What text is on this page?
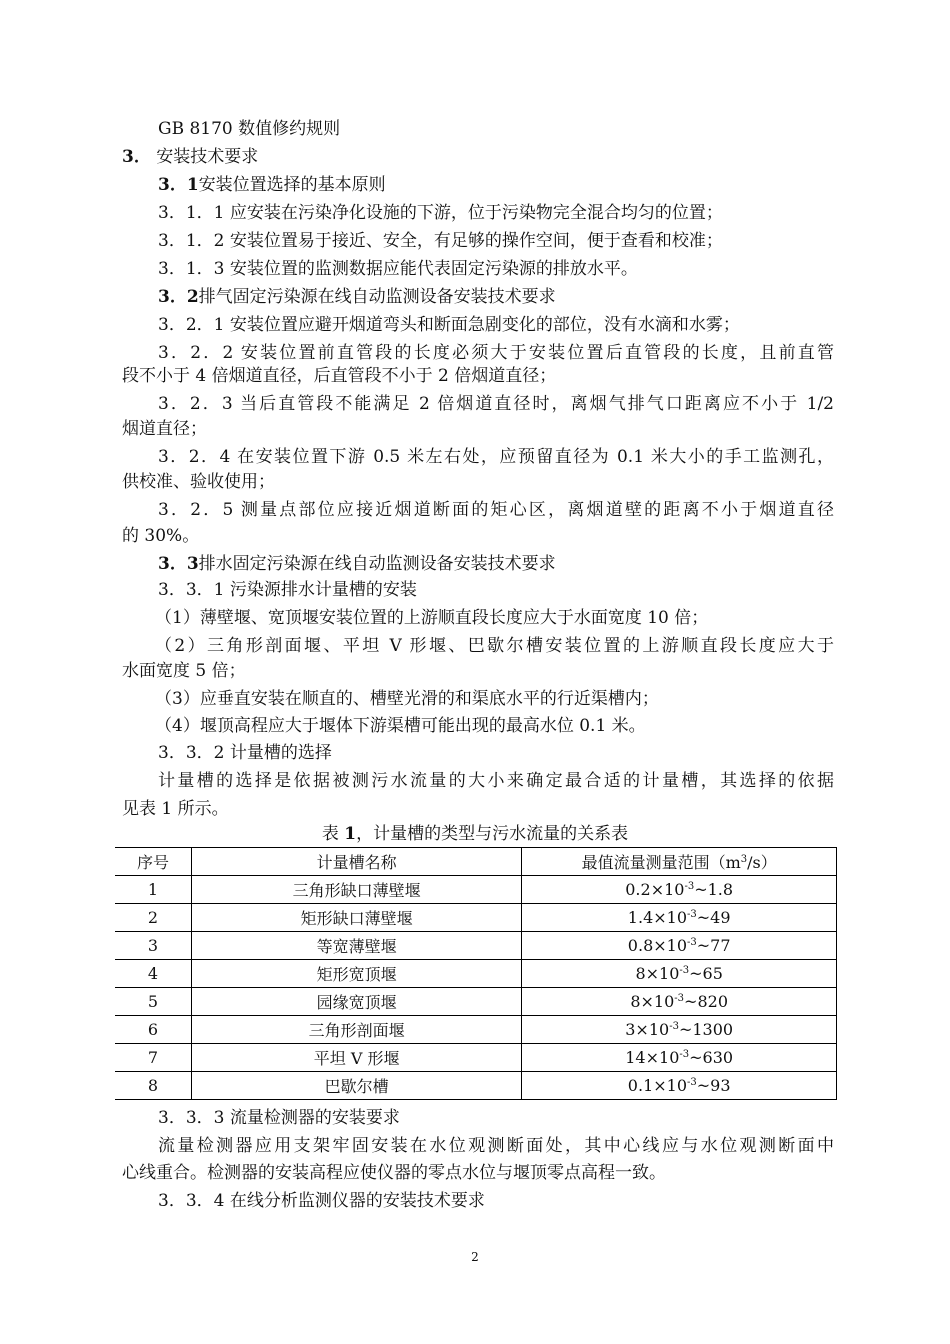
GB 8170 数值修约规则
3． 安装技术要求
3．1安装位置选择的基本原则
3．1．1 应安装在污染净化设施的下游，位于污染物完全混合均匀的位置；
3．1．2 安装位置易于接近、安全，有足够的操作空间，便于查看和校准；
3．1．3 安装位置的监测数据应能代表固定污染源的排放水平。
3．2排气固定污染源在线自动监测设备安装技术要求
3．2．1 安装位置应避开烟道弯头和断面急剧变化的部位，没有水滴和水雾；
3．2．2 安装位置前直管段的长度必须大于安装位置后直管段的长度，且前直管
段不小于 4 倍烟道直径，后直管段不小于 2 倍烟道直径；
3．2．3 当后直管段不能满足 2 倍烟道直径时，离烟气排气口距离应不小于 1/2
烟道直径；
3．2．4 在安装位置下游 0.5 米左右处，应预留直径为 0.1 米大小的手工监测孔，
供校准、验收使用；
3．2．5 测量点部位应接近烟道断面的矩心区，离烟道壁的距离不小于烟道直径
的 30%。
3．3排水固定污染源在线自动监测设备安装技术要求
3．3．1 污染源排水计量槽的安装
（1）薄壁堰、宽顶堰安装位置的上游顺直段长度应大于水面宽度 10 倍；
（2）三角形剖面堰、平坦 V 形堰、巴歇尔槽安装位置的上游顺直段长度应大于
水面宽度 5 倍；
（3）应垂直安装在顺直的、槽壁光滑的和渠底水平的行近渠槽内；
（4）堰顶高程应大于堰体下游渠槽可能出现的最高水位 0.1 米。
3．3．2 计量槽的选择
计量槽的选择是依据被测污水流量的大小来确定最合适的计量槽，其选择的依据
见表 1 所示。
表 1，计量槽的类型与污水流量的关系表
序号	计量槽名称	最值流量测量范围$(m^3/s)$
1	三角形缺口薄壁堰	$0.2\times 10^{-3}\sim 1.8$
2	矩形缺口薄壁堰	$1.4\times 10^{-3}\sim 49$
3	等宽薄壁堰	$0.8\times 10^{-3}\sim 77$
4	矩形宽顶堰	$8\times 10^{-3}\sim 65$
5	园缘宽顶堰	$8\times 10^{-3}\sim 820$
6	三角形剖面堰	$3\times 10^{-3}\sim 1300$
7	平坦 V 形堰	$14\times 10^{-3}\sim 630$
8	巴歇尔槽	$0.1\times 10^{-3}\sim 93$
3．3．3 流量检测器的安装要求
流量检测器应用支架牢固安装在水位观测断面处，其中心线应与水位观测断面中
心线重合。检测器的安装高程应使仪器的零点水位与堰顶零点高程一致。
3．3．4 在线分析监测仪器的安装技术要求
2
